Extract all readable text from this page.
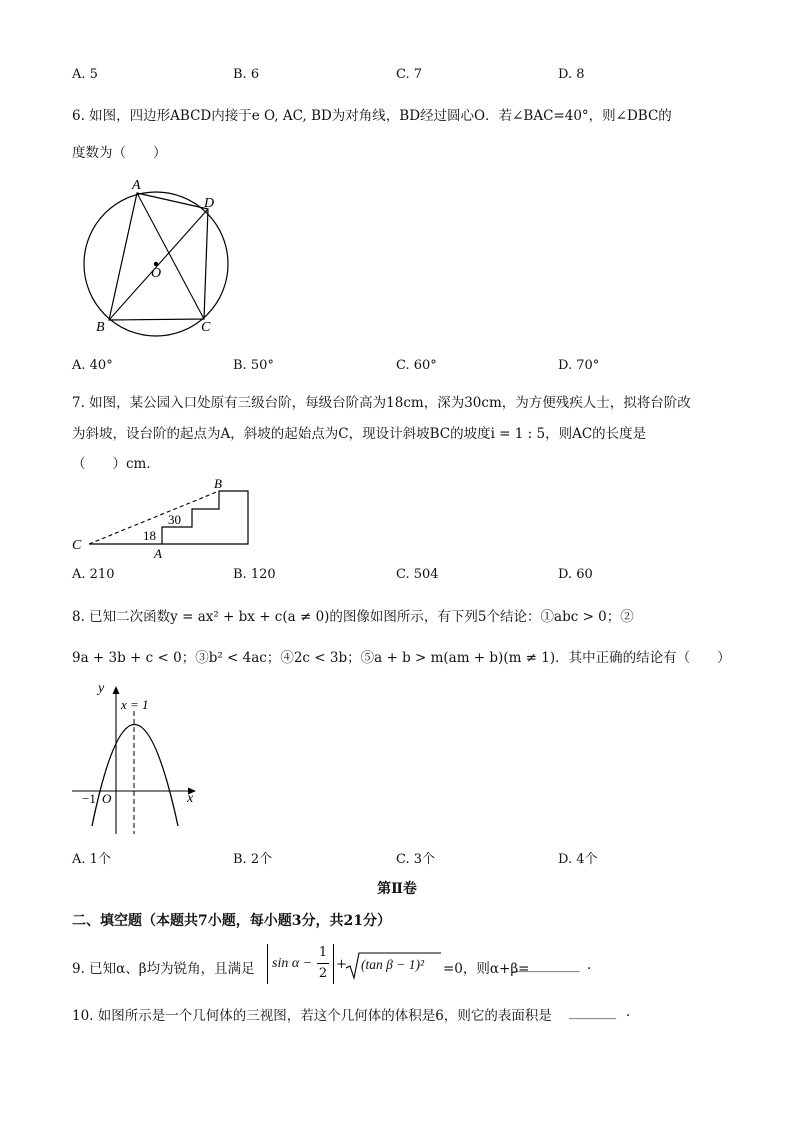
A. 5	B. 6	C. 7	D. 8
6. 如图，四边形ABCD内接于e O, AC, BD为对角线，BD经过圆心O．若∠BAC=40°，则∠DBC的
度数为（　　）
A
D
O
B	C
A. 40°	B. 50°	C. 60°	D. 70°
7. 如图，某公园入口处原有三级台阶，每级台阶高为18cm，深为30cm，为方便残疾人士，拟将台阶改
为斜坡，设台阶的起点为A，斜坡的起始点为C，现设计斜坡BC的坡度i = 1 : 5，则AC的长度是
（　　）cm．
B
30
18
C
A
A. 210	B. 120	C. 504	D. 60
8. 已知二次函数y = ax² + bx + c(a ≠ 0)的图像如图所示，有下列5个结论：①abc > 0；②
9a + 3b + c < 0；③b² < 4ac；④2c < 3b；⑤a + b > m(am + b)(m ≠ 1)．其中正确的结论有（　　）
y
x
x = 1
−1 O
A. 1个	B. 2个	C. 3个	D. 4个
第Ⅱ卷
二、填空题（本题共7小题，每小题3分，共21分）
9. 已知α、β均为锐角，且满足 sin α −
1
2
+ (tan β − 1)² =0，则α+β=
__________ .
10. 如图所示是一个几何体的三视图，若这个几何体的体积是6，则它的表面积是 _______ .
